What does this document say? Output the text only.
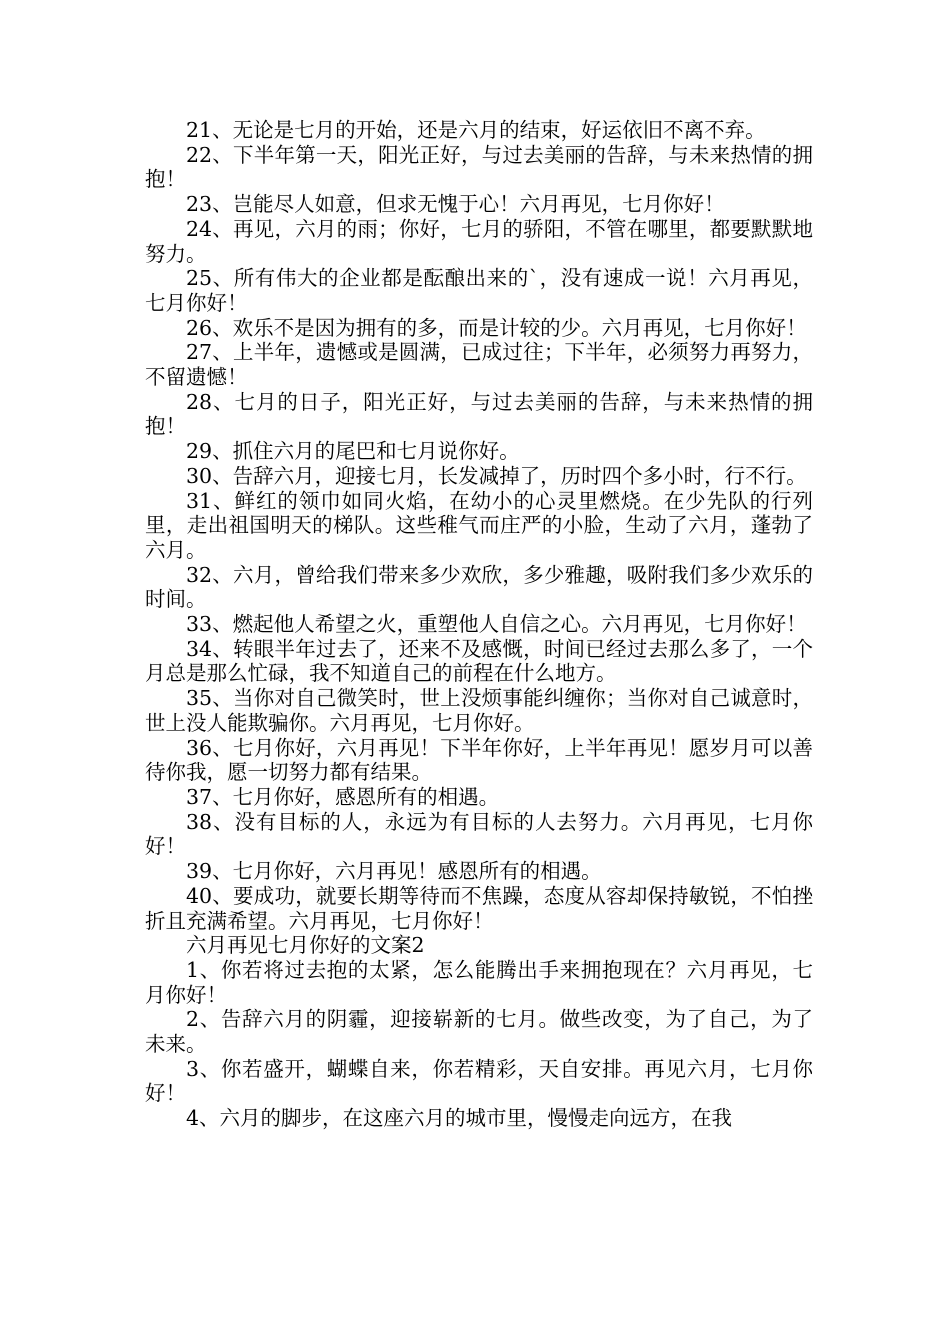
21、无论是七月的开始，还是六月的结束，好运依旧不离不弃。

22、下半年第一天，阳光正好，与过去美丽的告辞，与未来热情的拥抱！

23、岂能尽人如意，但求无愧于心！六月再见，七月你好！

24、再见，六月的雨；你好，七月的骄阳，不管在哪里，都要默默地努力。

25、所有伟大的企业都是酝酿出来的`，没有速成一说！六月再见，七月你好！

26、欢乐不是因为拥有的多，而是计较的少。六月再见，七月你好！

27、上半年，遗憾或是圆满，已成过往；下半年，必须努力再努力，不留遗憾！

28、七月的日子，阳光正好，与过去美丽的告辞，与未来热情的拥抱！

29、抓住六月的尾巴和七月说你好。

30、告辞六月，迎接七月，长发减掉了，历时四个多小时，行不行。

31、鲜红的领巾如同火焰，在幼小的心灵里燃烧。在少先队的行列里，走出祖国明天的梯队。这些稚气而庄严的小脸，生动了六月，蓬勃了六月。

32、六月，曾给我们带来多少欢欣，多少雅趣，吸附我们多少欢乐的时间。

33、燃起他人希望之火，重塑他人自信之心。六月再见，七月你好！

34、转眼半年过去了，还来不及感慨，时间已经过去那么多了，一个月总是那么忙碌，我不知道自己的前程在什么地方。

35、当你对自己微笑时，世上没烦事能纠缠你；当你对自己诚意时，世上没人能欺骗你。六月再见，七月你好。

36、七月你好，六月再见！下半年你好，上半年再见！愿岁月可以善待你我，愿一切努力都有结果。

37、七月你好，感恩所有的相遇。

38、没有目标的人，永远为有目标的人去努力。六月再见，七月你好！

39、七月你好，六月再见！感恩所有的相遇。

40、要成功，就要长期等待而不焦躁，态度从容却保持敏锐，不怕挫折且充满希望。六月再见，七月你好！

六月再见七月你好的文案2

1、你若将过去抱的太紧，怎么能腾出手来拥抱现在？六月再见，七月你好！

2、告辞六月的阴霾，迎接崭新的七月。做些改变，为了自己，为了未来。

3、你若盛开，蝴蝶自来，你若精彩，天自安排。再见六月，七月你好！

4、六月的脚步，在这座六月的城市里，慢慢走向远方，在我
